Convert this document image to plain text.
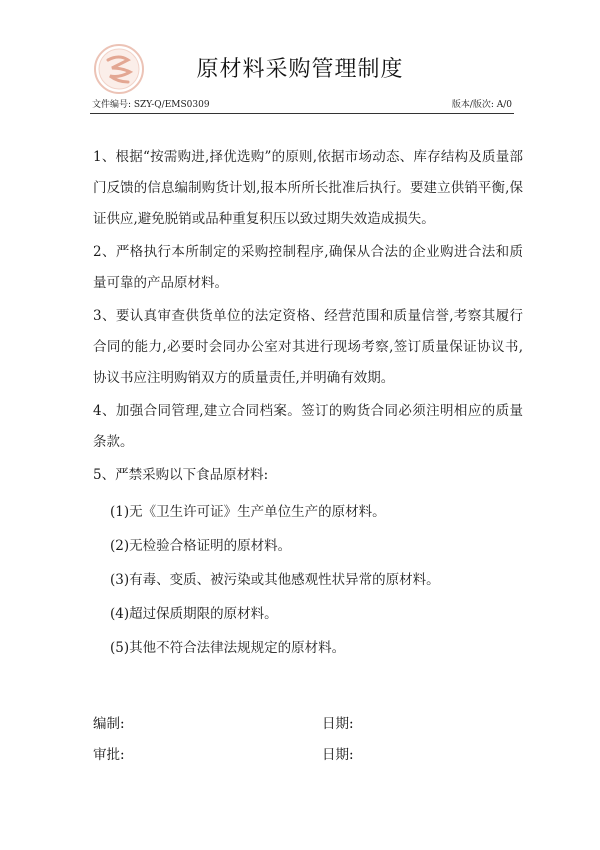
原材料采购管理制度
文件编号: SZY-Q/EMS0309	版本/版次: A/0

1、根据“按需购进,择优选购”的原则,依据市场动态、库存结构及质量部门反馈的信息编制购货计划,报本所所长批准后执行。要建立供销平衡,保证供应,避免脱销或品种重复积压以致过期失效造成损失。

2、严格执行本所制定的采购控制程序,确保从合法的企业购进合法和质量可靠的产品原材料。

3、要认真审查供货单位的法定资格、经营范围和质量信誉,考察其履行合同的能力,必要时会同办公室对其进行现场考察,签订质量保证协议书,协议书应注明购销双方的质量责任,并明确有效期。

4、加强合同管理,建立合同档案。签订的购货合同必须注明相应的质量条款。

5、严禁采购以下食品原材料:

(1)无《卫生许可证》生产单位生产的原材料。

(2)无检验合格证明的原材料。

(3)有毒、变质、被污染或其他感观性状异常的原材料。

(4)超过保质期限的原材料。

(5)其他不符合法律法规规定的原材料。

编制:	日期:
审批:	日期:
